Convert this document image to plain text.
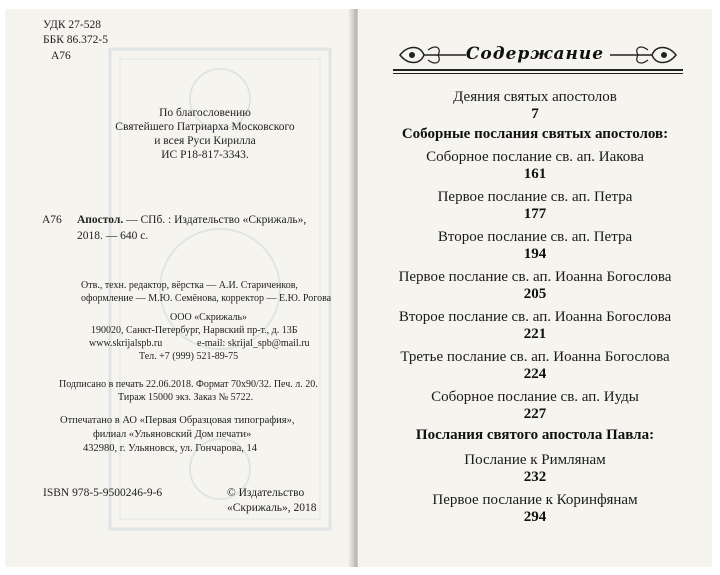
УДК 27-528
ББК 86.372-5
А76
По благословению
Святейшего Патриарха Московского
и всея Руси Кирилла
ИС Р18-817-3343.
А76 Апостол. — СПб. : Издательство «Скрижаль»,
2018. — 640 с.
Отв., техн. редактор, вёрстка — А.И. Стариченков,
оформление — М.Ю. Семёнова, корректор — Е.Ю. Рогова
ООО «Скрижаль»
190020, Санкт-Петербург, Нарвский пр-т., д. 13Б
www.skrijalspb.ru	e-mail: skrijal_spb@mail.ru
Тел. +7 (999) 521-89-75
Подписано в печать 22.06.2018. Формат 70х90/32. Печ. л. 20.
Тираж 15000 экз. Заказ № 5722.
Отпечатано в АО «Первая Образцовая типография»,
филиал «Ульяновский Дом печати»
432980, г. Ульяновск, ул. Гончарова, 14
ISBN 978-5-9500246-9-6	© Издательство
«Скрижаль», 2018
Содержание
Деяния святых апостолов
7
Соборные послания святых апостолов:
Соборное послание св. ап. Иакова
161
Первое послание св. ап. Петра
177
Второе послание св. ап. Петра
194
Первое послание св. ап. Иоанна Богослова
205
Второе послание св. ап. Иоанна Богослова
221
Третье послание св. ап. Иоанна Богослова
224
Соборное послание св. ап. Иуды
227
Послания святого апостола Павла:
Послание к Римлянам
232
Первое послание к Коринфянам
294
